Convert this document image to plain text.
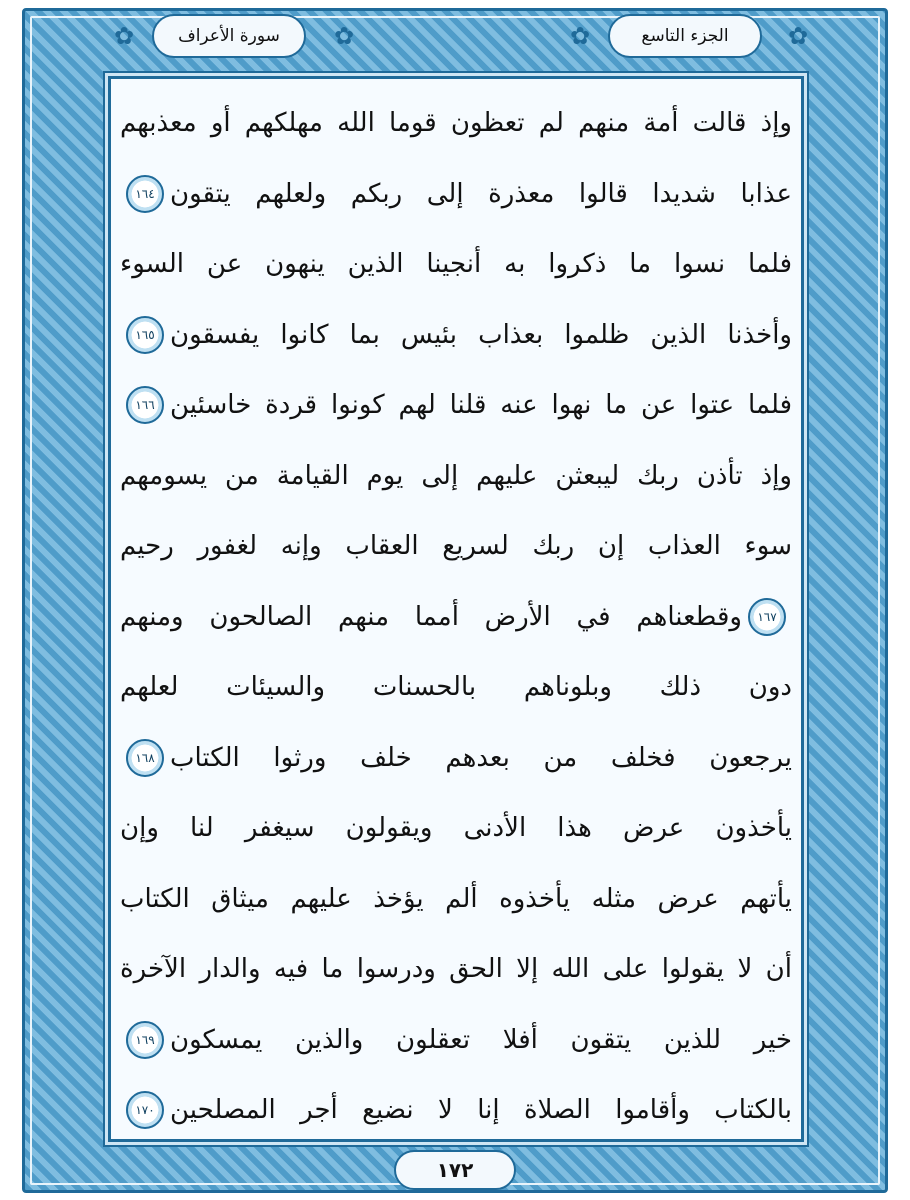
✿	سورة الأعراف ✿	✿	الجزء التاسع ✿
وإذ قالت أمة منهم لم تعظون قوما الله مهلكهم أو معذبهم
عذابا شديدا قالوا معذرة إلى ربكم ولعلهم يتقون
١٦٤
فلما نسوا ما ذكروا به أنجينا الذين ينهون عن السوء
وأخذنا الذين ظلموا بعذاب بئيس بما كانوا يفسقون
١٦٥
فلما عتوا عن ما نهوا عنه قلنا لهم كونوا قردة خاسئين
١٦٦
وإذ تأذن ربك ليبعثن عليهم إلى يوم القيامة من يسومهم
سوء العذاب إن ربك لسريع العقاب وإنه لغفور رحيم
١٦٧
وقطعناهم في الأرض أمما منهم الصالحون ومنهم
دون ذلك وبلوناهم بالحسنات والسيئات لعلهم
يرجعون فخلف من بعدهم خلف ورثوا الكتاب
١٦٨
يأخذون عرض هذا الأدنى ويقولون سيغفر لنا وإن
يأتهم عرض مثله يأخذوه ألم يؤخذ عليهم ميثاق الكتاب
أن لا يقولوا على الله إلا الحق ودرسوا ما فيه والدار الآخرة
خير للذين يتقون أفلا تعقلون والذين يمسكون
١٦٩
بالكتاب وأقاموا الصلاة إنا لا نضيع أجر المصلحين
١٧٠
١٧٢
